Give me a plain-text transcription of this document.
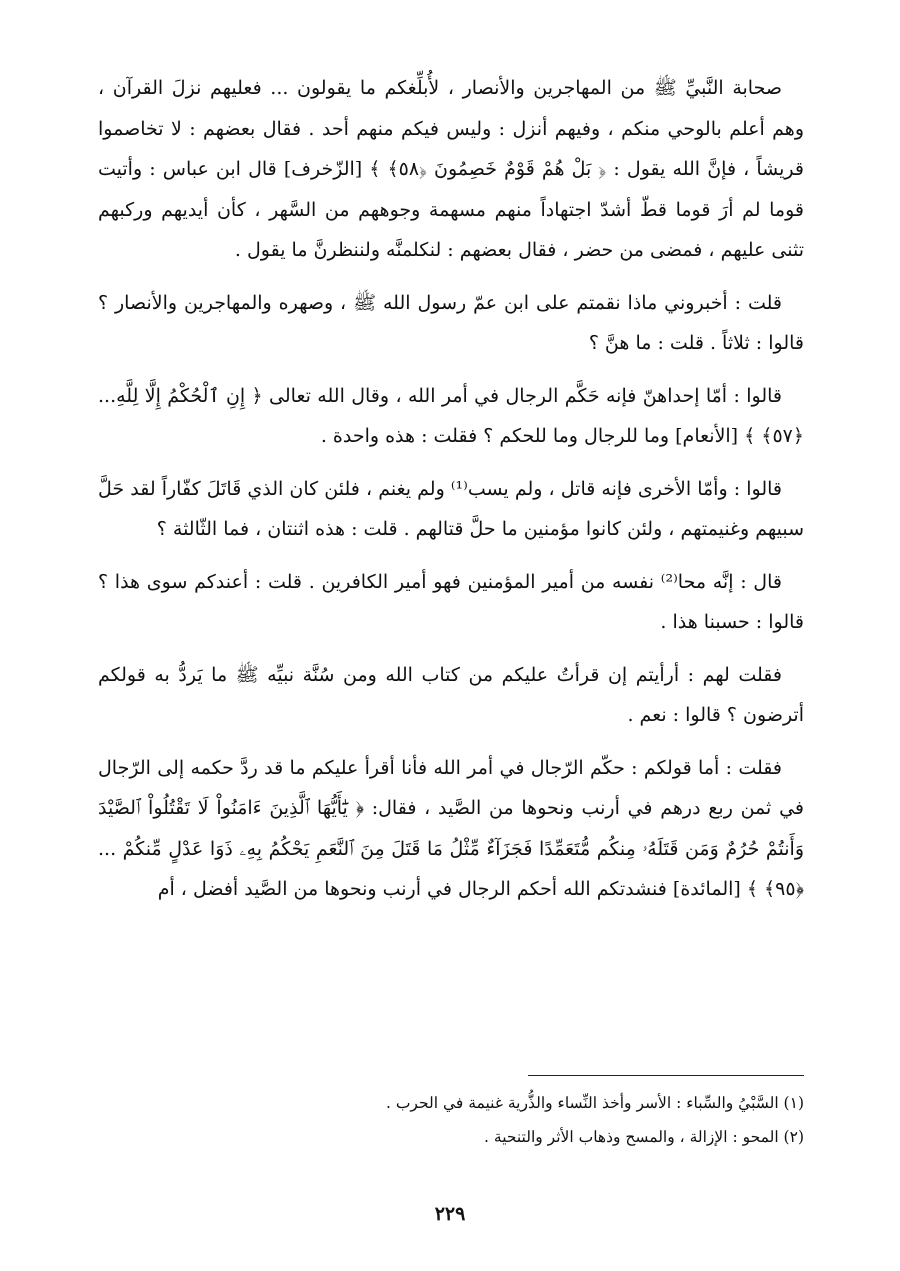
صحابة النَّبيِّ ﷺ من المهاجرين والأنصار ، لأُبلِّغكم ما يقولون ... فعليهم نزلَ القرآن ، وهم أعلم بالوحي منكم ، وفيهم أنزل : وليس فيكم منهم أحد . فقال بعضهم : لا تخاصموا قريشاً ، فإنَّ الله يقول : ﴿ بَلْ هُمْ قَوْمٌ خَصِمُونَ ﴿٥٨﴾ ﴾ [الزّخرف] قال ابن عباس : وأتيت قوما لم أرَ قوما قطّ أشدّ اجتهاداً منهم مسهمة وجوههم من السَّهر ، كأن أيديهم وركبهم تثنى عليهم ، فمضى من حضر ، فقال بعضهم : لنكلمنَّه ولننظرنَّ ما يقول .

قلت : أخبروني ماذا نقمتم على ابن عمّ رسول الله ﷺ ، وصهره والمهاجرين والأنصار ؟ قالوا : ثلاثاً . قلت : ما هنَّ ؟

قالوا : أمّا إحداهنّ فإنه حَكَّم الرجال في أمر الله ، وقال الله تعالى ﴿ إِنِ ٱلْحُكْمُ إِلَّا لِلَّهِ... ﴿٥٧﴾ ﴾ [الأنعام] وما للرجال وما للحكم ؟ فقلت : هذه واحدة .

قالوا : وأمّا الأخرى فإنه قاتل ، ولم يسب⁽¹⁾ ولم يغنم ، فلئن كان الذي قَاتَلَ كفّاراً لقد حَلَّ سبيهم وغنيمتهم ، ولئن كانوا مؤمنين ما حلَّ قتالهم . قلت : هذه اثنتان ، فما الثّالثة ؟

قال : إنَّه محا⁽²⁾ نفسه من أمير المؤمنين فهو أمير الكافرين . قلت : أعندكم سوى هذا ؟ قالوا : حسبنا هذا .

فقلت لهم : أرأيتم إن قرأتُ عليكم من كتاب الله ومن سُنَّة نبيِّه ﷺ ما يَردُّ به قولكم أترضون ؟ قالوا : نعم .

فقلت : أما قولكم : حكّم الرّجال في أمر الله فأنا أقرأ عليكم ما قد ردَّ حكمه إلى الرّجال في ثمن ربع درهم في أرنب ونحوها من الصَّيد ، فقال: ﴿ يَٰٓأَيُّهَا ٱلَّذِينَ ءَامَنُواْ لَا تَقْتُلُواْ ٱلصَّيْدَ وَأَنتُمْ حُرُمٌ وَمَن قَتَلَهُۥ مِنكُم مُّتَعَمِّدًا فَجَزَآءٌ مِّثْلُ مَا قَتَلَ مِنَ ٱلنَّعَمِ يَحْكُمُ بِهِۦ ذَوَا عَدْلٍ مِّنكُمْ ... ﴿٩٥﴾ ﴾ [المائدة] فنشدتكم الله أحكم الرجال في أرنب ونحوها من الصَّيد أفضل ، أم

(١) السَّبْيُ والسِّباء : الأسر وأخذ النِّساء والذُّرية غنيمة في الحرب .

(٢) المحو : الإزالة ، والمسح وذهاب الأثر والتنحية .

٢٢٩
